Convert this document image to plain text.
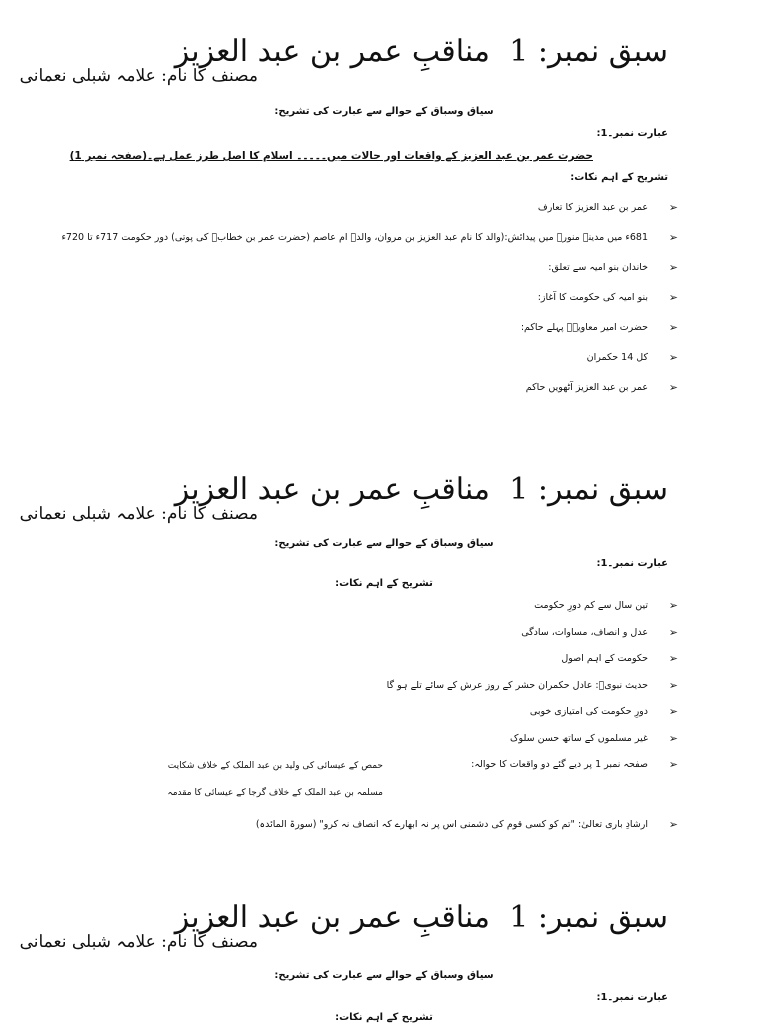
سبق نمبر: 1
مناقبِ عمر بن عبد العزیز
مصنف کا نام: علامہ شبلی نعمانی
سیاق وسباق کے حوالے سے عبارت کی تشریح:
عبارت نمبر۔1:
حضرت عمر بن عبد العزیز کے واقعات اور حالات میں۔۔۔۔۔ اسلام کا اصل طرز عمل ہے۔(صفحہ نمبر 1)
تشریح کے اہم نکات:
➢
عمر بن عبد العزیز کا تعارف
➢
681ء میں مدینہ منورہ میں پیدائش:(والد کا نام عبد العزیز بن مروان، والدہ ام عاصم (حضرت عمر بن خطابؓ کی پوتی) دور حکومت 717ء تا 720ء
➢
خاندان بنو امیہ سے تعلق:
➢
بنو امیہ کی حکومت کا آغاز:
➢
حضرت امیر معاویہؓ پہلے حاکم:
➢
کل 14 حکمران
➢
عمر بن عبد العزیز آٹھویں حاکم
سبق نمبر: 1
مناقبِ عمر بن عبد العزیز
مصنف کا نام: علامہ شبلی نعمانی
سیاق وسباق کے حوالے سے عبارت کی تشریح:
عبارت نمبر۔1:
تشریح کے اہم نکات:
➢
تین سال سے کم دورِ حکومت
➢
عدل و انصاف، مساوات، سادگی
➢
حکومت کے اہم اصول
➢
حدیث نبویؐ: عادل حکمران حشر کے روز عرش کے سائے تلے ہو گا
➢
دورِ حکومت کی امتیازی خوبی
➢
غیر مسلموں کے ساتھ حسن سلوک
➢
صفحہ نمبر 1 پر دیے گئے دو واقعات کا حوالہ:
➢
ارشادِ باری تعالیٰ: "تم کو کسی قوم کی دشمنی اس پر نہ ابھارے کہ انصاف نہ کرو" (سورۃ المائدہ)
حمص کے عیسائی کی ولید بن عبد الملک کے خلاف شکایت
مسلمہ بن عبد الملک کے خلاف گرجا کے عیسائی کا مقدمہ
سبق نمبر: 1
مناقبِ عمر بن عبد العزیز
مصنف کا نام: علامہ شبلی نعمانی
سیاق وسباق کے حوالے سے عبارت کی تشریح:
عبارت نمبر۔1:
تشریح کے اہم نکات:
